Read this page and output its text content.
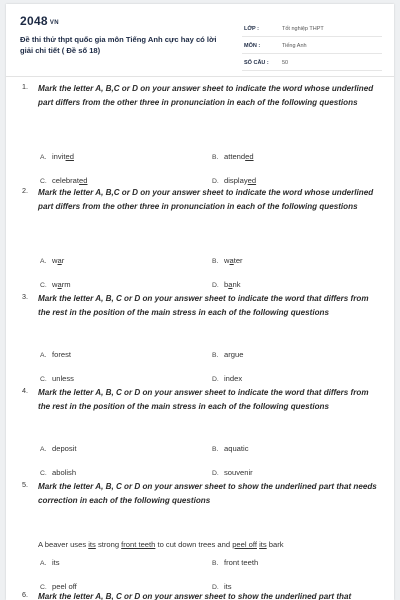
2048 VN
Đề thi thử thpt quốc gia môn Tiếng Anh cực hay có lời giải chi tiết ( Đề số 18)
LỚP :	Tốt nghiệp THPT
MÔN :	Tiếng Anh
SỐ CÂU : 50
1. Mark the letter A, B,C or D on your answer sheet to indicate the word whose underlined part differs from the other three in pronunciation in each of the following questions
A. invited	B. attended
C. celebrated	D. displayed
2. Mark the letter A, B,C or D on your answer sheet to indicate the word whose underlined part differs from the other three in pronunciation in each of the following questions
A. war	B. water
C. warm	D. bank
3. Mark the letter A, B, C or D on your answer sheet to indicate the word that differs from the rest in the position of the main stress in each of the following questions
A. forest	B. argue
C. unless	D. index
4. Mark the letter A, B, C or D on your answer sheet to indicate the word that differs from the rest in the position of the main stress in each of the following questions
A. deposit	B. aquatic
C. abolish	D. souvenir
5. Mark the letter A, B, C or D on your answer sheet to show the underlined part that needs correction in each of the following questions
A beaver uses its strong front teeth to cut down trees and peel off its bark
A. its	B. front teeth
C. peel off	D. its
6. Mark the letter A, B, C or D on your answer sheet to show the underlined part that
